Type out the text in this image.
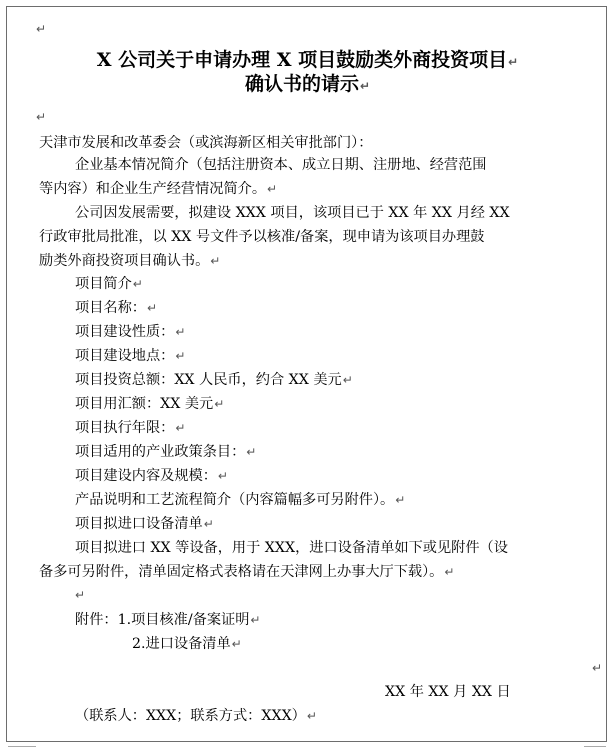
↵
X 公司关于申请办理 X 项目鼓励类外商投资项目↵
确认书的请示↵
↵
天津市发展和改革委会（或滨海新区相关审批部门）：
企业基本情况简介（包括注册资本、成立日期、注册地、经营范围
等内容）和企业生产经营情况简介。↵
公司因发展需要，拟建设 XXX 项目，该项目已于 XX 年 XX 月经 XX
行政审批局批准，以 XX 号文件予以核准/备案，现申请为该项目办理鼓
励类外商投资项目确认书。↵
项目简介↵
项目名称：↵
项目建设性质：↵
项目建设地点：↵
项目投资总额：XX 人民币，约合 XX 美元↵
项目用汇额：XX 美元↵
项目执行年限：↵
项目适用的产业政策条目：↵
项目建设内容及规模：↵
产品说明和工艺流程简介（内容篇幅多可另附件）。↵
项目拟进口设备清单↵
项目拟进口 XX 等设备，用于 XXX，进口设备清单如下或见附件（设
备多可另附件，清单固定格式表格请在天津网上办事大厅下载）。↵
↵
附件：1.项目核准/备案证明↵
2.进口设备清单↵
↵
XX 年 XX 月 XX 日
（联系人：XXX；联系方式：XXX）↵
